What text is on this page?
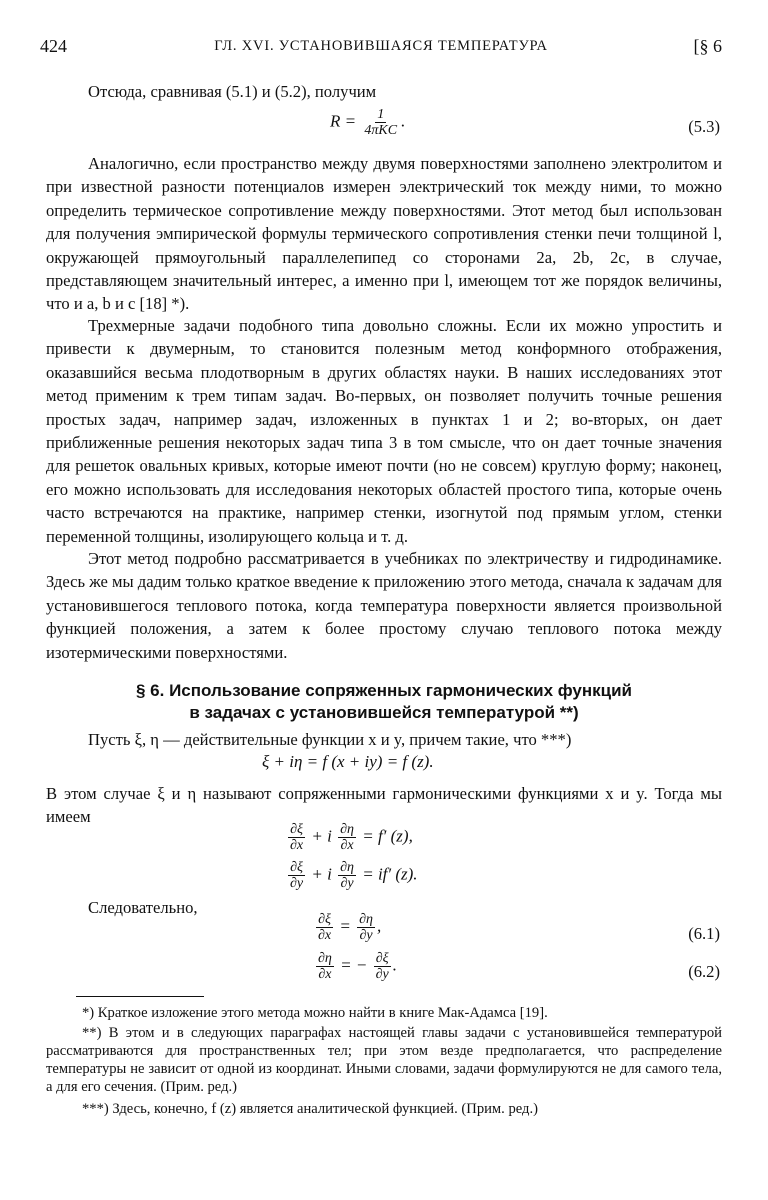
424	ГЛ. XVI. УСТАНОВИВШАЯСЯ ТЕМПЕРАТУРА	[§ 6

Отсюда, сравнивая (5.1) и (5.2), получим

$R = \frac{1}{\text{4πKC}}$ .	(5.3)

Аналогично, если пространство между двумя поверхностями заполнено электролитом и при известной разности потенциалов измерен электрический ток между ними, то можно определить термическое сопротивление между поверхностями. Этот метод был использован для получения эмпирической формулы термического сопротивления стенки печи толщиной l, окружающей прямоугольный параллелепипед со сторонами 2a, 2b, 2c, в случае, представляющем значительный интерес, а именно при l, имеющем тот же порядок величины, что и a, b и c [18] *).

Трехмерные задачи подобного типа довольно сложны. Если их можно упростить и привести к двумерным, то становится полезным метод конформного отображения, оказавшийся весьма плодотворным в других областях науки. В наших исследованиях этот метод применим к трем типам задач. Во-первых, он позволяет получить точные решения простых задач, например задач, изложенных в пунктах 1 и 2; во-вторых, он дает приближенные решения некоторых задач типа 3 в том смысле, что он дает точные значения для решеток овальных кривых, которые имеют почти (но не совсем) круглую форму; наконец, его можно использовать для исследования некоторых областей простого типа, которые очень часто встречаются на практике, например стенки, изогнутой под прямым углом, стенки переменной толщины, изолирующего кольца и т. д.

Этот метод подробно рассматривается в учебниках по электричеству и гидродинамике. Здесь же мы дадим только краткое введение к приложению этого метода, сначала к задачам для установившегося теплового потока, когда температура поверхности является произвольной функцией положения, а затем к более простому случаю теплового потока между изотермическими поверхностями.

§ 6. Использование сопряженных гармонических функций
в задачах с установившейся температурой **)

Пусть ξ, η — действительные функции x и y, причем такие, что ***)

ξ + iη = f (x + iy) = f (z).

В этом случае ξ и η называют сопряженными гармоническими функциями x и y. Тогда мы имеем

$\frac{\partial\xi}{\partial x} + i \frac{\partial\eta}{\partial x} = f'$ (z),
$\frac{\partial\xi}{\partial y} + i \frac{\partial\eta}{\partial y} = if'$ (z).

Следовательно,

$\frac{\partial\xi}{\partial x} = \frac{\partial\eta}{\partial y}$ ,	(6.1)
$\frac{\partial\eta}{\partial x}$ = − $\frac{\partial\xi}{\partial y}$ .	(6.2)

*) Краткое изложение этого метода можно найти в книге Мак-Адамса [19].

**) В этом и в следующих параграфах настоящей главы задачи с установившейся температурой рассматриваются для пространственных тел; при этом везде предполагается, что распределение температуры не зависит от одной из координат. Иными словами, задачи формулируются не для самого тела, а для его сечения. (Прим. ред.)

***) Здесь, конечно, f (z) является аналитической функцией. (Прим. ред.)
